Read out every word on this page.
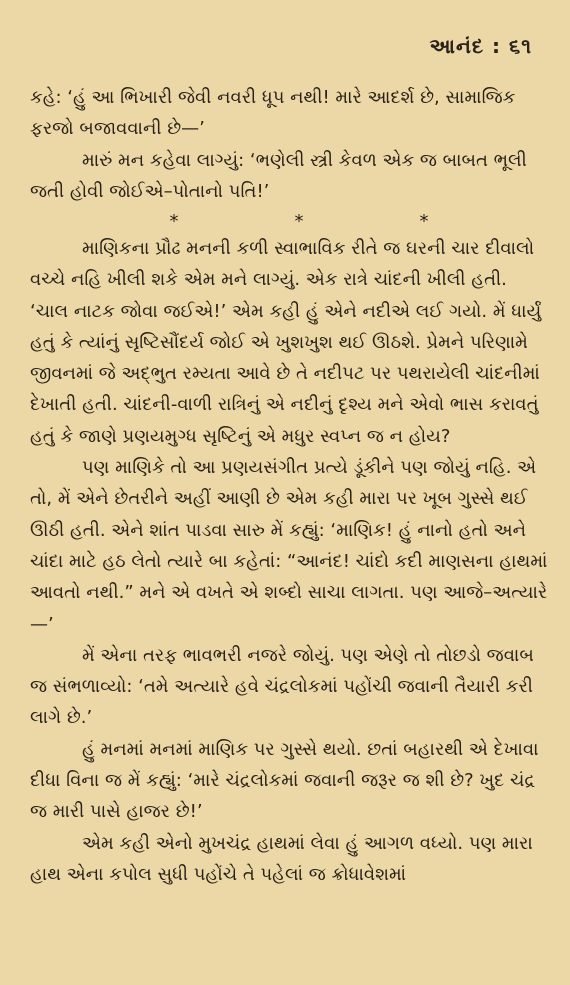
આનંદ : ૬૧

કહે: ‘હું આ ભિખારી જેવી નવરી ધૂપ નથી! મારે આદર્શ છે, સામાજિક ફરજો બજાવવાની છે—’

મારું મન કહેવા લાગ્યું: ‘ભણેલી સ્ત્રી કેવળ એક જ બાબત ભૂલી જતી હોવી જોઈએ–પોતાનો પતિ!’

*	*	*

માણિકના પ્રૌઢ મનની કળી સ્વાભાવિક રીતે જ ઘરની ચાર દીવાલો વચ્ચે નહિ ખીલી શકે એમ મને લાગ્યું. એક રાત્રે ચાંદની ખીલી હતી. ‘ચાલ નાટક જોવા જઈએ!’ એમ કહી હું એને નદીએ લઈ ગયો. મેં ધાર્યું હતું કે ત્યાંનું સૃષ્ટિસૌંદર્ય જોઈ એ ખુશખુશ થઈ ઊઠશે. પ્રેમને પરિણામે જીવનમાં જે અદ્‌ભુત રમ્યતા આવે છે તે નદીપટ પર પથરાયેલી ચાંદનીમાં દેખાતી હતી. ચાંદની-વાળી રાત્રિનું એ નદીનું દૃશ્ય મને એવો ભાસ કરાવતું હતું કે જાણે પ્રણયમુગ્ધ સૃષ્ટિનું એ મધુર સ્વપ્ન જ ન હોય?

પણ માણિકે તો આ પ્રણયસંગીત પ્રત્યે ડૂંકીને પણ જોયું નહિ. એ તો, મેં એને છેતરીને અહીં આણી છે એમ કહી મારા પર ખૂબ ગુસ્સે થઈ ઊઠી હતી. એને શાંત પાડવા સારુ મેં કહ્યું: ‘માણિક! હું નાનો હતો અને ચાંદા માટે હઠ લેતો ત્યારે બા કહેતાં: “આનંદ! ચાંદો કદી માણસના હાથમાં આવતો નથી.” મને એ વખતે એ શબ્દો સાચા લાગતા. પણ આજે–અત્યારે—’

મેં એના તરફ ભાવભરી નજરે જોયું. પણ એણે તો તોછડો જવાબ જ સંભળાવ્યો: ‘તમે અત્યારે હવે ચંદ્રલોકમાં પહોંચી જવાની તૈયારી કરી લાગે છે.’

હું મનમાં મનમાં માણિક પર ગુસ્સે થયો. છતાં બહારથી એ દેખાવા દીધા વિના જ મેં કહ્યું: ‘મારે ચંદ્રલોકમાં જવાની જરૂર જ શી છે? ખુદ ચંદ્ર જ મારી પાસે હાજર છે!’

એમ કહી એનો મુખચંદ્ર હાથમાં લેવા હું આગળ વધ્યો. પણ મારા હાથ એના કપોલ સુધી પહોંચે તે પહેલાં જ ક્રોધાવેશમાં
